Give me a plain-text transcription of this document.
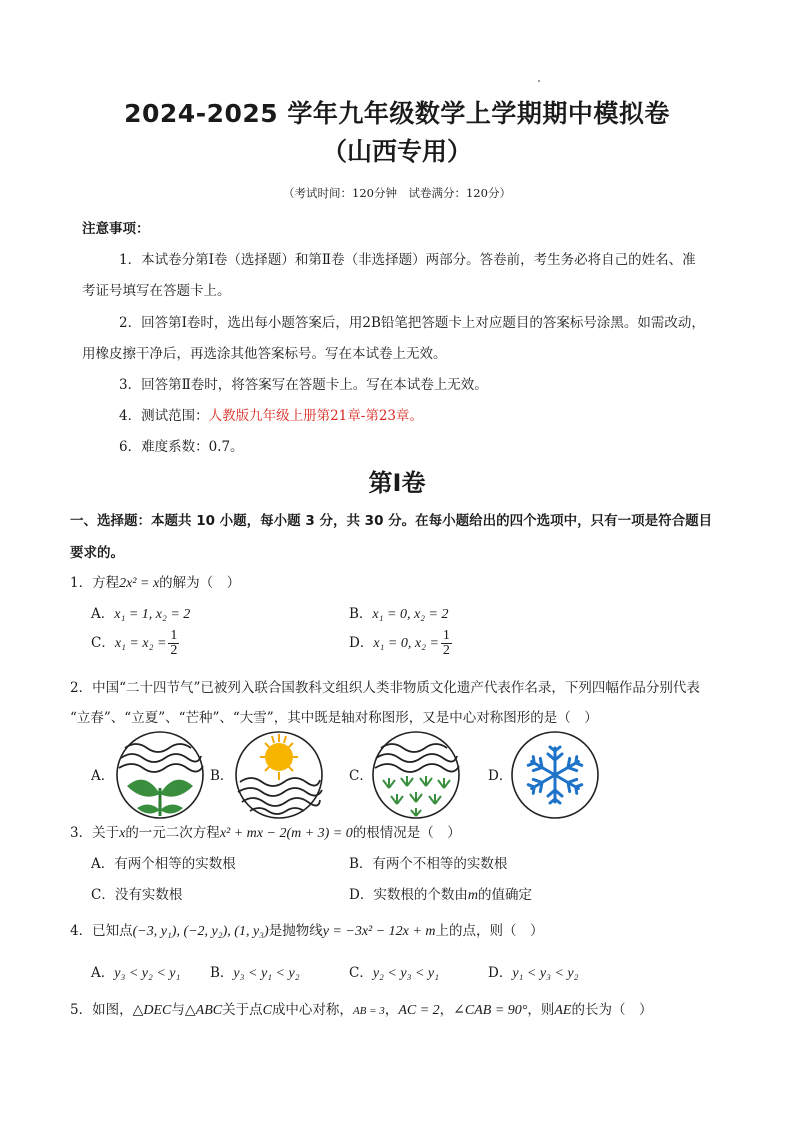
2024-2025 学年九年级数学上学期期中模拟卷
（山西专用）
（考试时间：120分钟　试卷满分：120分）
注意事项：
1．本试卷分第Ⅰ卷（选择题）和第Ⅱ卷（非选择题）两部分。答卷前，考生务必将自己的姓名、准
考证号填写在答题卡上。
2．回答第Ⅰ卷时，选出每小题答案后，用2B铅笔把答题卡上对应题目的答案标号涂黑。如需改动，
用橡皮擦干净后，再选涂其他答案标号。写在本试卷上无效。
3．回答第Ⅱ卷时，将答案写在答题卡上。写在本试卷上无效。
4．测试范围：人教版九年级上册第21章-第23章。
6．难度系数：0.7。
第Ⅰ卷
一、选择题：本题共 10 小题，每小题 3 分，共 30 分。在每小题给出的四个选项中，只有一项是符合题目
要求的。
1．方程2x² = x的解为（　）
A．x₁ = 1, x₂ = 2	B．x₁ = 0, x₂ = 2
C．$x_1 = x_2 = \frac{1}{2}$	D．x₁ = 0, $x_2 = \frac{1}{2}$
2．中国“二十四节气”已被列入联合国教科文组织人类非物质文化遗产代表作名录，下列四幅作品分别代表
“立春”、“立夏”、“芒种”、“大雪”，其中既是轴对称图形，又是中心对称图形的是（　）
A．	B．	C．	D．
3．关于x的一元二次方程x² + mx − 2(m + 3) = 0的根情况是（　）
A．有两个相等的实数根	B．有两个不相等的实数根
C．没有实数根	D．实数根的个数由m的值确定
4．已知点(−3, y₁), (−2, y₂), (1, y₃)是抛物线y = −3x² − 12x + m上的点，则（　）
A．y₃ < y₂ < y₁ B．y₃ < y₁ < y₂	C．y₂ < y₃ < y₁	D．y₁ < y₃ < y₂
5．如图，△DEC与△ABC关于点C成中心对称，AB = 3，AC = 2，∠CAB = 90°，则AE的长为（　）
